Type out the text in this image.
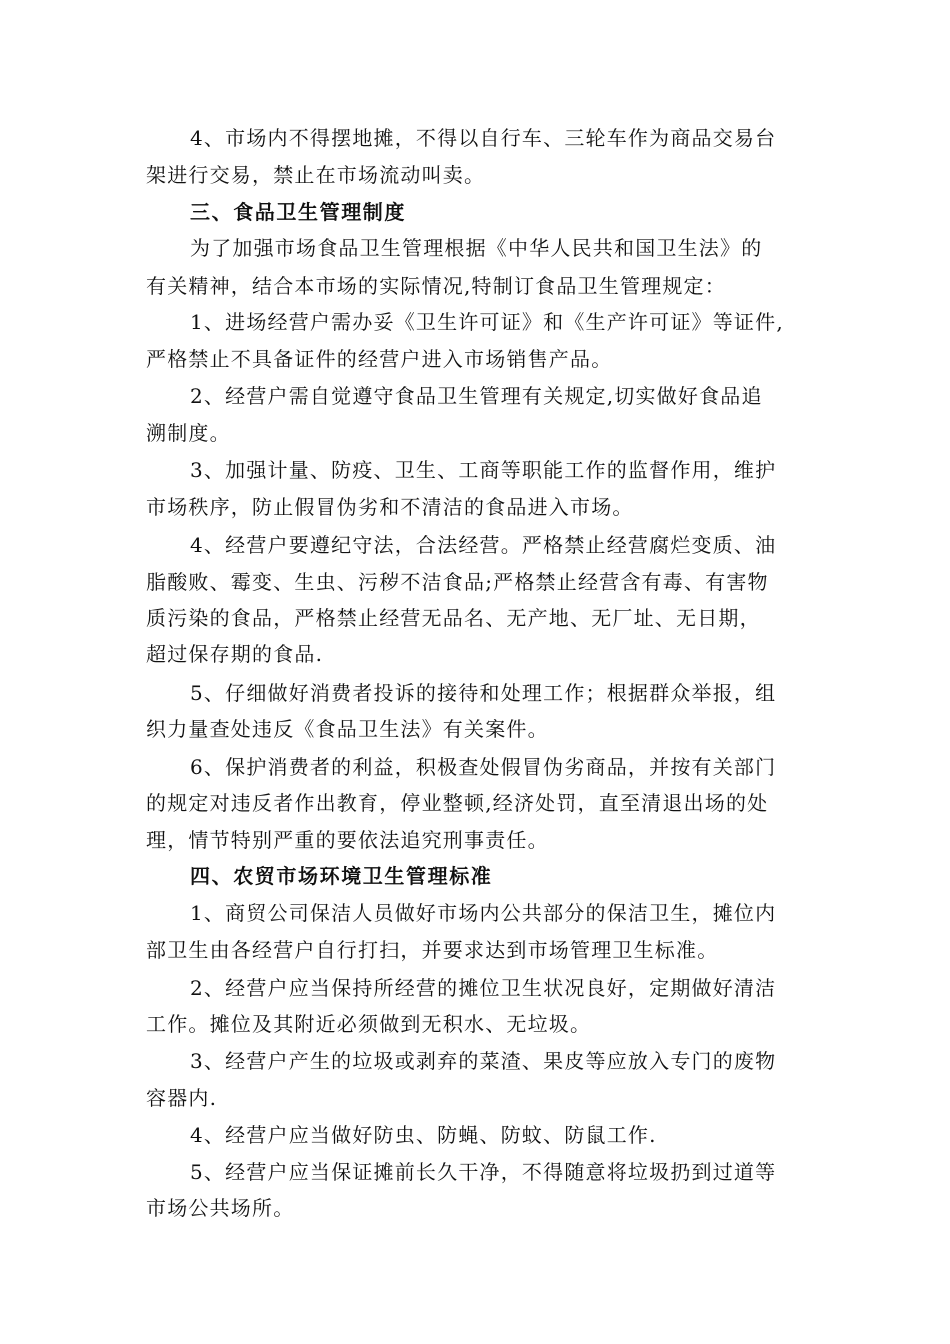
4、市场内不得摆地摊，不得以自行车、三轮车作为商品交易台
架进行交易，禁止在市场流动叫卖。
三、食品卫生管理制度
为了加强市场食品卫生管理根据《中华人民共和国卫生法》的
有关精神，结合本市场的实际情况,特制订食品卫生管理规定：
1、进场经营户需办妥《卫生许可证》和《生产许可证》等证件,
严格禁止不具备证件的经营户进入市场销售产品。
2、经营户需自觉遵守食品卫生管理有关规定,切实做好食品追
溯制度。
3、加强计量、防疫、卫生、工商等职能工作的监督作用，维护
市场秩序，防止假冒伪劣和不清洁的食品进入市场。
4、经营户要遵纪守法，合法经营。严格禁止经营腐烂变质、油
脂酸败、霉变、生虫、污秽不洁食品;严格禁止经营含有毒、有害物
质污染的食品，严格禁止经营无品名、无产地、无厂址、无日期，
超过保存期的食品.
5、仔细做好消费者投诉的接待和处理工作；根据群众举报，组
织力量查处违反《食品卫生法》有关案件。
6、保护消费者的利益，积极查处假冒伪劣商品，并按有关部门
的规定对违反者作出教育，停业整顿,经济处罚，直至清退出场的处
理，情节特别严重的要依法追究刑事责任。
四、农贸市场环境卫生管理标准
1、商贸公司保洁人员做好市场内公共部分的保洁卫生，摊位内
部卫生由各经营户自行打扫，并要求达到市场管理卫生标准。
2、经营户应当保持所经营的摊位卫生状况良好，定期做好清洁
工作。摊位及其附近必须做到无积水、无垃圾。
3、经营户产生的垃圾或剥弃的菜渣、果皮等应放入专门的废物
容器内.
4、经营户应当做好防虫、防蝇、防蚊、防鼠工作.
5、经营户应当保证摊前长久干净，不得随意将垃圾扔到过道等
市场公共场所。
